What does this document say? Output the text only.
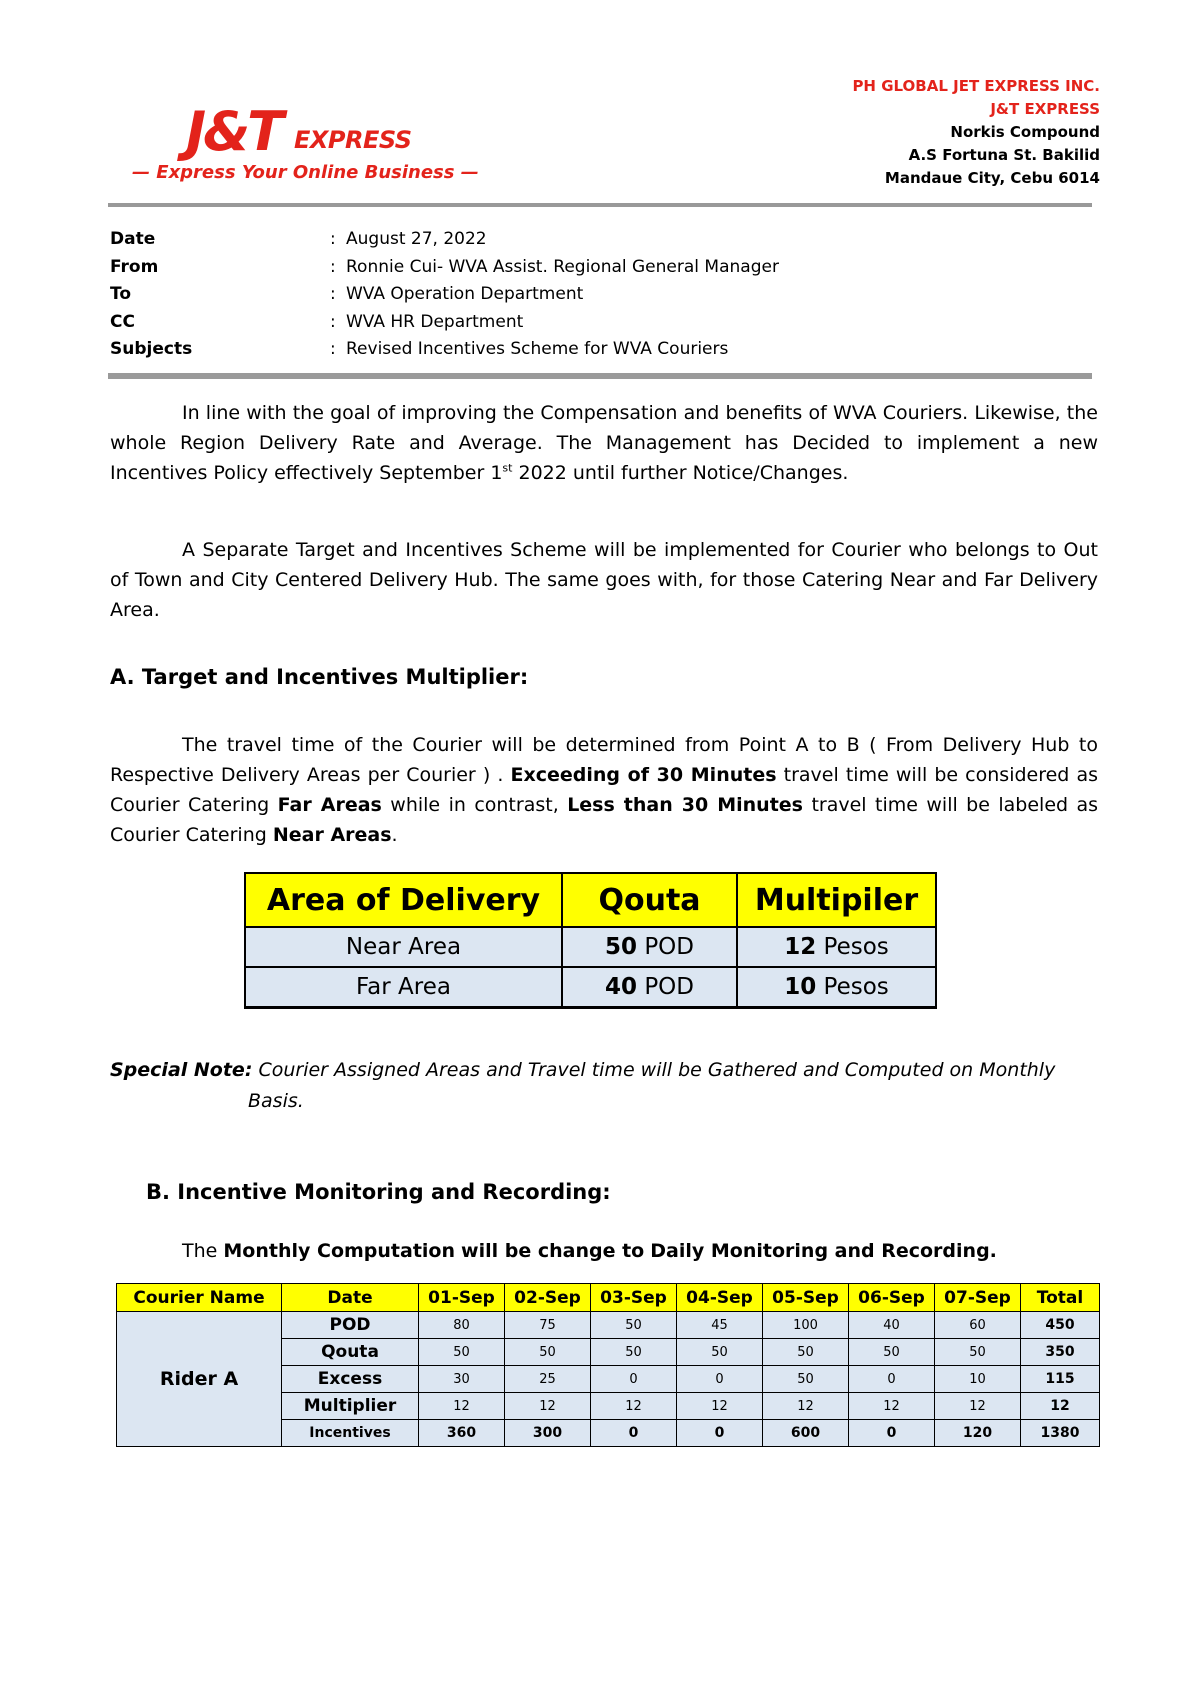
J&T EXPRESS
— Express Your Online Business —
PH GLOBAL JET EXPRESS INC.
J&T EXPRESS
Norkis Compound
A.S Fortuna St. Bakilid
Mandaue City, Cebu 6014
Date	: August 27, 2022
From	: Ronnie Cui- WVA Assist. Regional General Manager
To	: WVA Operation Department
CC	: WVA HR Department
Subjects	: Revised Incentives Scheme for WVA Couriers

In line with the goal of improving the Compensation and benefits of WVA Couriers. Likewise, the whole Region Delivery Rate and Average. The Management has Decided to implement a new Incentives Policy effectively September 1st 2022 until further Notice/Changes.

A Separate Target and Incentives Scheme will be implemented for Courier who belongs to Out of Town and City Centered Delivery Hub. The same goes with, for those Catering Near and Far Delivery Area.

A. Target and Incentives Multiplier:

The travel time of the Courier will be determined from Point A to B ( From Delivery Hub to Respective Delivery Areas per Courier ) . Exceeding of 30 Minutes travel time will be considered as Courier Catering Far Areas while in contrast, Less than 30 Minutes travel time will be labeled as Courier Catering Near Areas.

Area of Delivery	Qouta	Multipiler
Near Area	50 POD	12 Pesos
Far Area	40 POD	10 Pesos
Special Note: Courier Assigned Areas and Travel time will be Gathered and Computed on Monthly
Basis.
B. Incentive Monitoring and Recording:

The Monthly Computation will be change to Daily Monitoring and Recording.

Courier Name	Date	01-Sep	02-Sep	03-Sep	04-Sep	05-Sep	06-Sep	07-Sep	Total
Rider A	POD	80	75	50	45	100	40	60	450
	Qouta	50	50	50	50	50	50	50	350
	Excess	30	25	0	0	50	0	10	115
	Multiplier	12	12	12	12	12	12	12	12
	Incentives	360	300	0	0	600	0	120	1380
